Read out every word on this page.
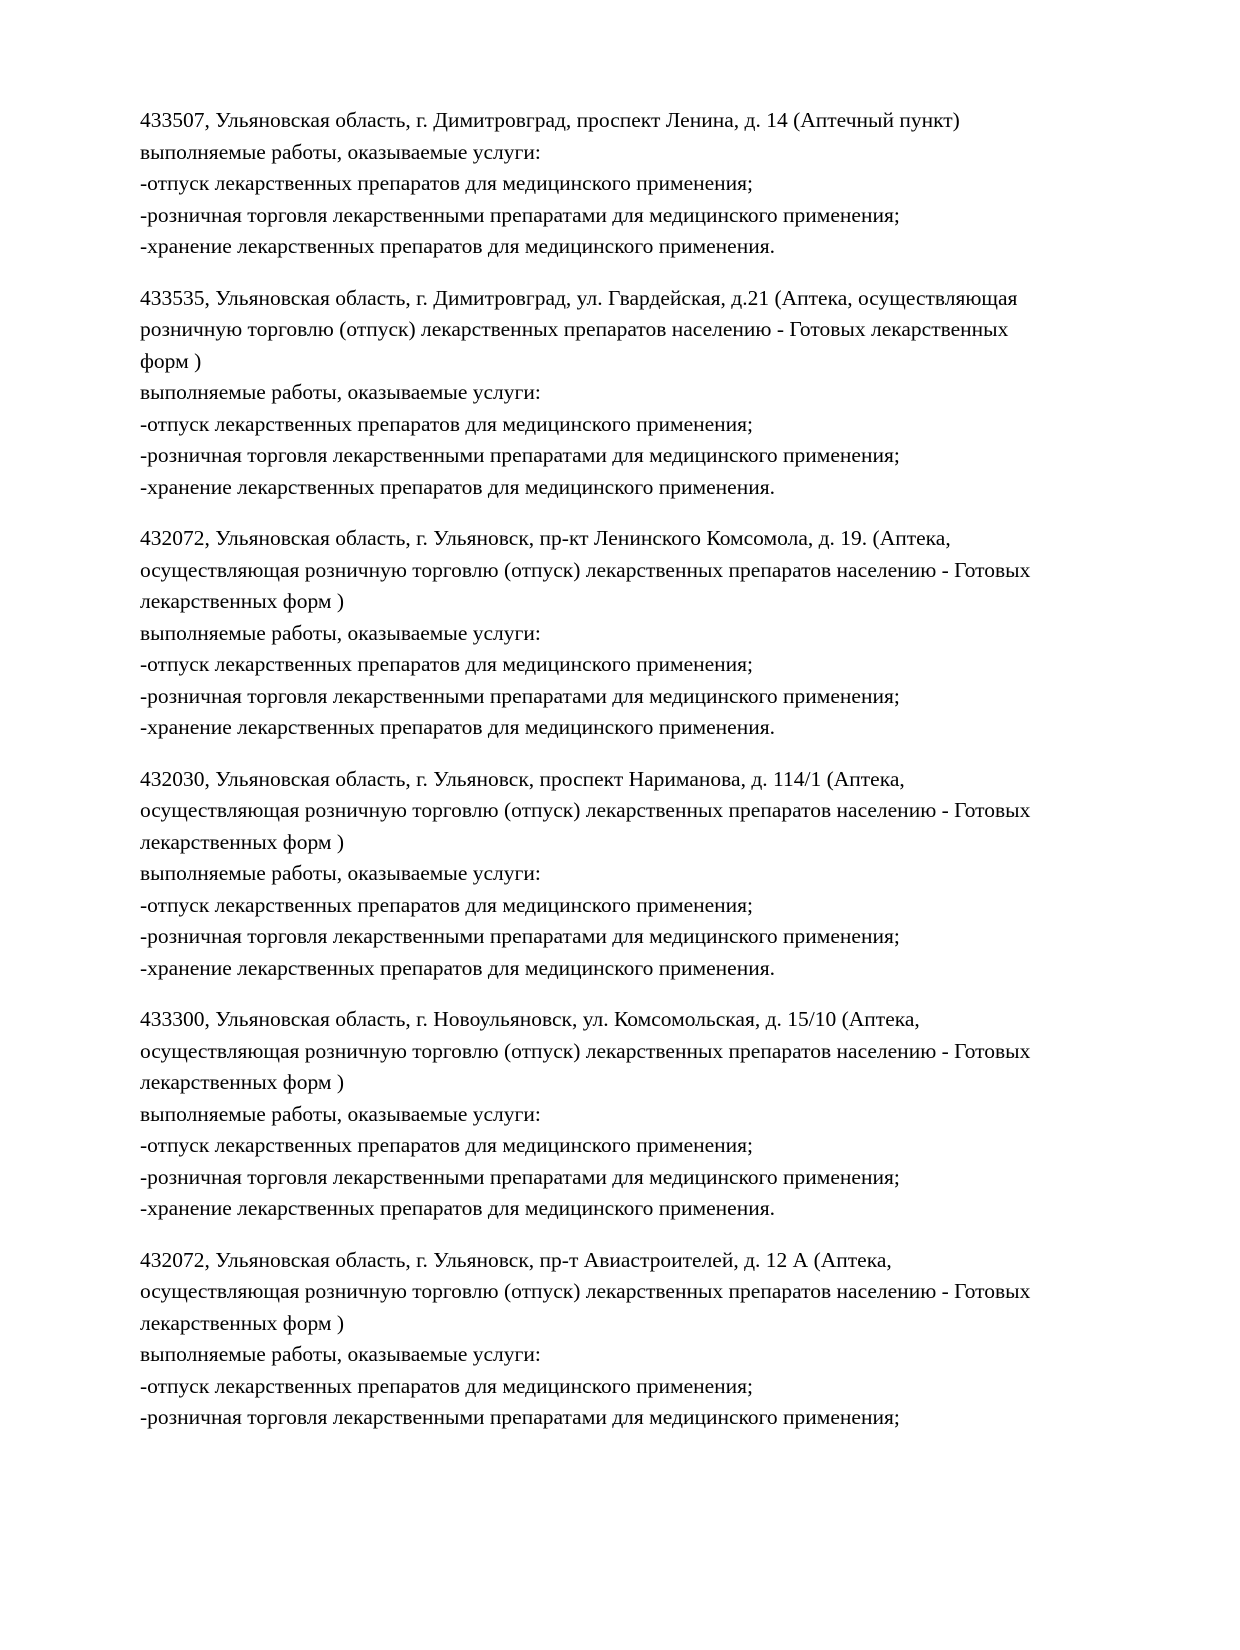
433507, Ульяновская область, г. Димитровград, проспект Ленина, д. 14 (Аптечный пункт)
выполняемые работы, оказываемые услуги:
-отпуск лекарственных препаратов для медицинского применения;
-розничная торговля лекарственными препаратами для медицинского применения;
-хранение лекарственных препаратов для медицинского применения.
433535, Ульяновская область, г. Димитровград, ул. Гвардейская, д.21 (Аптека, осуществляющая
розничную торговлю (отпуск) лекарственных препаратов населению - Готовых лекарственных
форм )
выполняемые работы, оказываемые услуги:
-отпуск лекарственных препаратов для медицинского применения;
-розничная торговля лекарственными препаратами для медицинского применения;
-хранение лекарственных препаратов для медицинского применения.
432072, Ульяновская область, г. Ульяновск, пр-кт Ленинского Комсомола, д. 19. (Аптека,
осуществляющая розничную торговлю (отпуск) лекарственных препаратов населению - Готовых
лекарственных форм )
выполняемые работы, оказываемые услуги:
-отпуск лекарственных препаратов для медицинского применения;
-розничная торговля лекарственными препаратами для медицинского применения;
-хранение лекарственных препаратов для медицинского применения.
432030, Ульяновская область, г. Ульяновск, проспект Нариманова, д. 114/1 (Аптека,
осуществляющая розничную торговлю (отпуск) лекарственных препаратов населению - Готовых
лекарственных форм )
выполняемые работы, оказываемые услуги:
-отпуск лекарственных препаратов для медицинского применения;
-розничная торговля лекарственными препаратами для медицинского применения;
-хранение лекарственных препаратов для медицинского применения.
433300, Ульяновская область, г. Новоульяновск, ул. Комсомольская, д. 15/10 (Аптека,
осуществляющая розничную торговлю (отпуск) лекарственных препаратов населению - Готовых
лекарственных форм )
выполняемые работы, оказываемые услуги:
-отпуск лекарственных препаратов для медицинского применения;
-розничная торговля лекарственными препаратами для медицинского применения;
-хранение лекарственных препаратов для медицинского применения.
432072, Ульяновская область, г. Ульяновск, пр-т Авиастроителей, д. 12 А (Аптека,
осуществляющая розничную торговлю (отпуск) лекарственных препаратов населению - Готовых
лекарственных форм )
выполняемые работы, оказываемые услуги:
-отпуск лекарственных препаратов для медицинского применения;
-розничная торговля лекарственными препаратами для медицинского применения;
